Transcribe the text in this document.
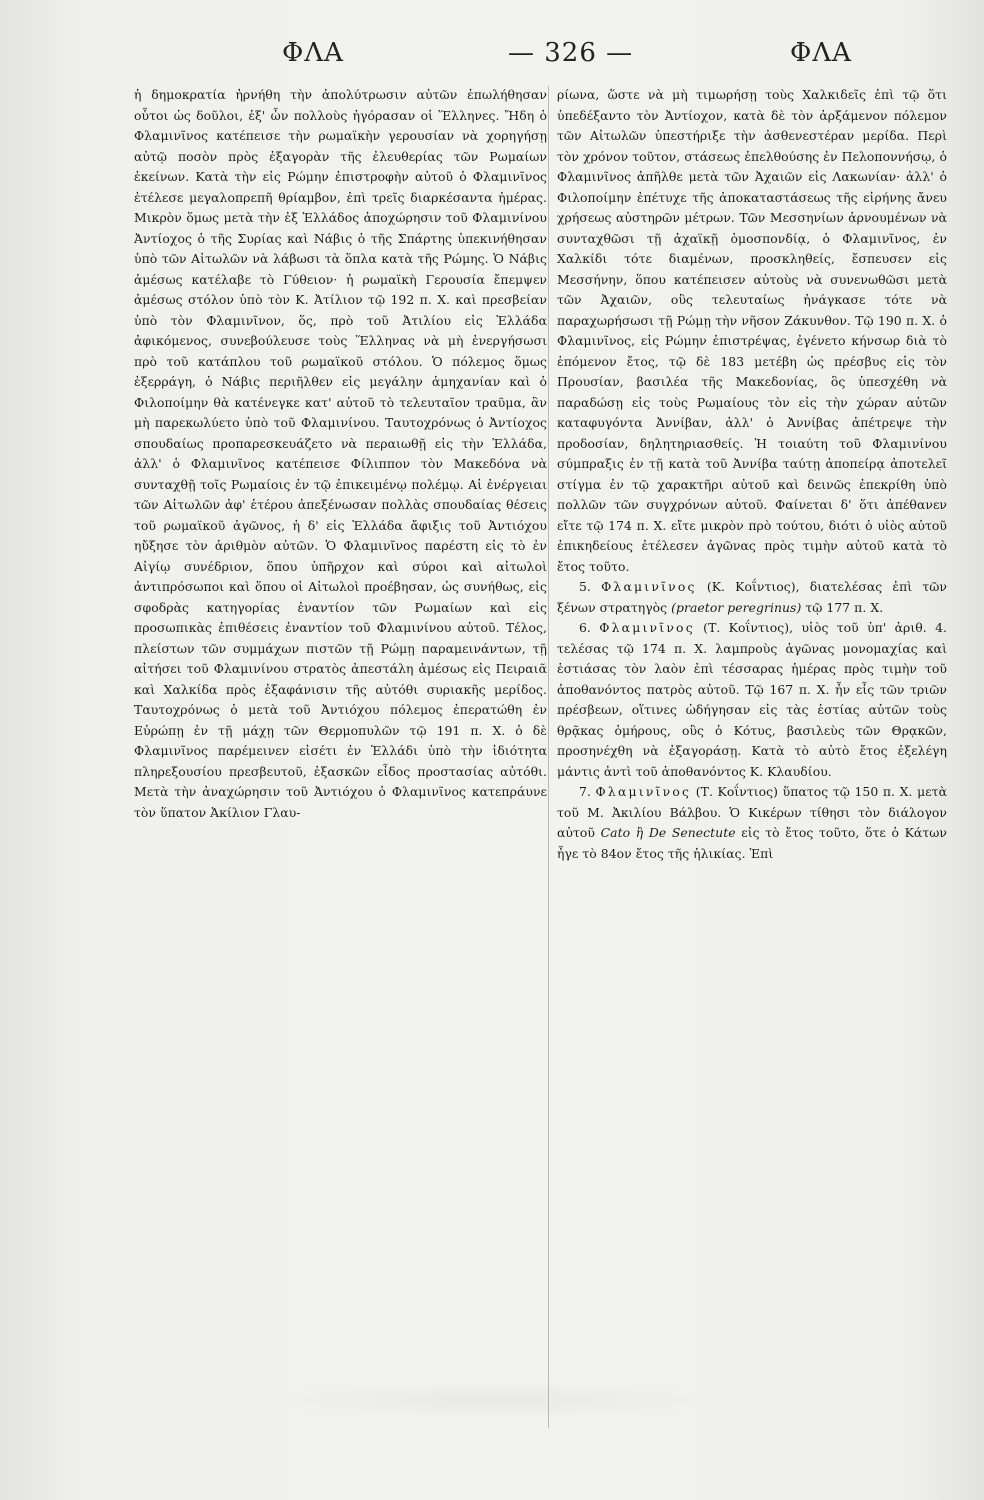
ΦΛΑ	— 326 —	ΦΛΑ

ἡ δημοκρατία ἠρνήθη τὴν ἀπολύτρωσιν αὐτῶν ἐπωλήθησαν οὗτοι ὡς δοῦλοι, ἐξ' ὧν πολλοὺς ἠγόρασαν οἱ Ἕλληνες. Ἤδη ὁ Φλαμινῖνος κατέπεισε τὴν ρωμαϊκὴν γερουσίαν νὰ χορηγήσῃ αὐτῷ ποσὸν πρὸς ἐξαγορὰν τῆς ἐλευθερίας τῶν Ρωμαίων ἐκείνων. Κατὰ τὴν εἰς Ρώμην ἐπιστροφὴν αὐτοῦ ὁ Φλαμινῖνος ἐτέλεσε μεγαλοπρεπῆ θρίαμβον, ἐπὶ τρεῖς διαρκέσαντα ἡμέρας. Μικρὸν ὅμως μετὰ τὴν ἐξ Ἑλλάδος ἀποχώρησιν τοῦ Φλαμινίνου Ἀντίοχος ὁ τῆς Συρίας καὶ Νάβις ὁ τῆς Σπάρτης ὑπεκινήθησαν ὑπὸ τῶν Αἰτωλῶν νὰ λάβωσι τὰ ὅπλα κατὰ τῆς Ρώμης. Ὁ Νάβις ἀμέσως κατέλαβε τὸ Γύθειον· ἡ ρωμαϊκὴ Γερουσία ἔπεμψεν ἀμέσως στόλον ὑπὸ τὸν Κ. Ἀτίλιον τῷ 192 π. Χ. καὶ πρεσβείαν ὑπὸ τὸν Φλαμινῖνον, ὅς, πρὸ τοῦ Ἀτιλίου εἰς Ἑλλάδα ἀφικόμενος, συνεβούλευσε τοὺς Ἕλληνας νὰ μὴ ἐνεργήσωσι πρὸ τοῦ κατάπλου τοῦ ρωμαϊκοῦ στόλου. Ὁ πόλεμος ὅμως ἐξερράγη, ὁ Νάβις περιῆλθεν εἰς μεγάλην ἀμηχανίαν καὶ ὁ Φιλοποίμην θὰ κατένεγκε κατ' αὐτοῦ τὸ τελευταῖον τραῦμα, ἂν μὴ παρεκωλύετο ὑπὸ τοῦ Φλαμινίνου. Ταυτοχρόνως ὁ Ἀντίοχος σπουδαίως προπαρεσκευάζετο νὰ περαιωθῇ εἰς τὴν Ἑλλάδα, ἀλλ' ὁ Φλαμινῖνος κατέπεισε Φίλιππον τὸν Μακεδόνα νὰ συνταχθῇ τοῖς Ρωμαίοις ἐν τῷ ἐπικειμένῳ πολέμῳ. Αἱ ἐνέργειαι τῶν Αἰτωλῶν ἀφ' ἑτέρου ἀπεξένωσαν πολλὰς σπουδαίας θέσεις τοῦ ρωμαϊκοῦ ἀγῶνος, ἡ δ' εἰς Ἑλλάδα ἄφιξις τοῦ Ἀντιόχου ηὔξησε τὸν ἀριθμὸν αὐτῶν. Ὁ Φλαμινῖνος παρέστη εἰς τὸ ἐν Αἰγίῳ συνέδριον, ὅπου ὑπῆρχον καὶ σύροι καὶ αἰτωλοὶ ἀντιπρόσωποι καὶ ὅπου οἱ Αἰτωλοὶ προέβησαν, ὡς συνήθως, εἰς σφοδρὰς κατηγορίας ἐναντίον τῶν Ρωμαίων καὶ εἰς προσωπικὰς ἐπιθέσεις ἐναντίον τοῦ Φλαμινίνου αὐτοῦ. Τέλος, πλείστων τῶν συμμάχων πιστῶν τῇ Ρώμῃ παραμεινάντων, τῇ αἰτήσει τοῦ Φλαμινίνου στρατὸς ἀπεστάλη ἀμέσως εἰς Πειραιᾶ καὶ Χαλκίδα πρὸς ἐξαφάνισιν τῆς αὐτόθι συριακῆς μερίδος. Ταυτοχρόνως ὁ μετὰ τοῦ Ἀντιόχου πόλεμος ἐπερατώθη ἐν Εὐρώπῃ ἐν τῇ μάχῃ τῶν Θερμοπυλῶν τῷ 191 π. Χ. ὁ δὲ Φλαμινῖνος παρέμεινεν εἰσέτι ἐν Ἑλλάδι ὑπὸ τὴν ἰδιότητα πληρεξουσίου πρεσβευτοῦ, ἐξασκῶν εἶδος προστασίας αὐτόθι. Μετὰ τὴν ἀναχώρησιν τοῦ Ἀντιόχου ὁ Φλαμινῖνος κατεπράυνε τὸν ὕπατον Ἀκίλιον Γλαυ-

ρίωνα, ὥστε νὰ μὴ τιμωρήσῃ τοὺς Χαλκιδεῖς ἐπὶ τῷ ὅτι ὑπεδέξαντο τὸν Ἀντίοχον, κατὰ δὲ τὸν ἀρξάμενον πόλεμον τῶν Αἰτωλῶν ὑπεστήριξε τὴν ἀσθενεστέραν μερίδα. Περὶ τὸν χρόνον τοῦτον, στάσεως ἐπελθούσης ἐν Πελοποννήσῳ, ὁ Φλαμινῖνος ἀπῆλθε μετὰ τῶν Ἀχαιῶν εἰς Λακωνίαν· ἀλλ' ὁ Φιλοποίμην ἐπέτυχε τῆς ἀποκαταστάσεως τῆς εἰρήνης ἄνευ χρήσεως αὐστηρῶν μέτρων. Τῶν Μεσσηνίων ἀρνουμένων νὰ συνταχθῶσι τῇ ἀχαϊκῇ ὁμοσπονδίᾳ, ὁ Φλαμινῖνος, ἐν Χαλκίδι τότε διαμένων, προσκληθείς, ἔσπευσεν εἰς Μεσσήνην, ὅπου κατέπεισεν αὐτοὺς νὰ συνενωθῶσι μετὰ τῶν Ἀχαιῶν, οὓς τελευταίως ἠνάγκασε τότε νὰ παραχωρήσωσι τῇ Ρώμῃ τὴν νῆσον Ζάκυνθον. Τῷ 190 π. Χ. ὁ Φλαμινῖνος, εἰς Ρώμην ἐπιστρέψας, ἐγένετο κήνσωρ διὰ τὸ ἑπόμενον ἔτος, τῷ δὲ 183 μετέβη ὡς πρέσβυς εἰς τὸν Προυσίαν, βασιλέα τῆς Μακεδονίας, ὃς ὑπεσχέθη νὰ παραδώσῃ εἰς τοὺς Ρωμαίους τὸν εἰς τὴν χώραν αὐτῶν καταφυγόντα Ἀννίβαν, ἀλλ' ὁ Ἀννίβας ἀπέτρεψε τὴν προδοσίαν, δηλητηριασθείς. Ἡ τοιαύτη τοῦ Φλαμινίνου σύμπραξις ἐν τῇ κατὰ τοῦ Ἀννίβα ταύτῃ ἀποπείρᾳ ἀποτελεῖ στίγμα ἐν τῷ χαρακτῆρι αὐτοῦ καὶ δεινῶς ἐπεκρίθη ὑπὸ πολλῶν τῶν συγχρόνων αὐτοῦ. Φαίνεται δ' ὅτι ἀπέθανεν εἴτε τῷ 174 π. Χ. εἴτε μικρὸν πρὸ τούτου, διότι ὁ υἱὸς αὐτοῦ ἐπικηδείους ἐτέλεσεν ἀγῶνας πρὸς τιμὴν αὐτοῦ κατὰ τὸ ἔτος τοῦτο.

5. Φλαμινῖνος (Κ. Κοΐντιος), διατελέσας ἐπὶ τῶν ξένων στρατηγὸς (praetor peregrinus) τῷ 177 π. Χ.

6. Φλαμινῖνος (Τ. Κοΐντιος), υἱὸς τοῦ ὑπ' ἀριθ. 4. τελέσας τῷ 174 π. Χ. λαμπροὺς ἀγῶνας μονομαχίας καὶ ἑστιάσας τὸν λαὸν ἐπὶ τέσσαρας ἡμέρας πρὸς τιμὴν τοῦ ἀποθανόντος πατρὸς αὐτοῦ. Τῷ 167 π. Χ. ἦν εἷς τῶν τριῶν πρέσβεων, οἵτινες ὡδήγησαν εἰς τὰς ἑστίας αὐτῶν τοὺς θρᾷκας ὁμήρους, οὓς ὁ Κότυς, βασιλεὺς τῶν Θρᾳκῶν, προσηνέχθη νὰ ἐξαγοράσῃ. Κατὰ τὸ αὐτὸ ἔτος ἐξελέγη μάντις ἀντὶ τοῦ ἀποθανόντος Κ. Κλαυδίου.

7. Φλαμινῖνος (Τ. Κοΐντιος) ὕπατος τῷ 150 π. Χ. μετὰ τοῦ Μ. Ἀκιλίου Βάλβου. Ὁ Κικέρων τίθησι τὸν διάλογον αὐτοῦ Cato ἢ De Senectute εἰς τὸ ἔτος τοῦτο, ὅτε ὁ Κάτων ἦγε τὸ 84ον ἔτος τῆς ἡλικίας. Ἐπὶ
